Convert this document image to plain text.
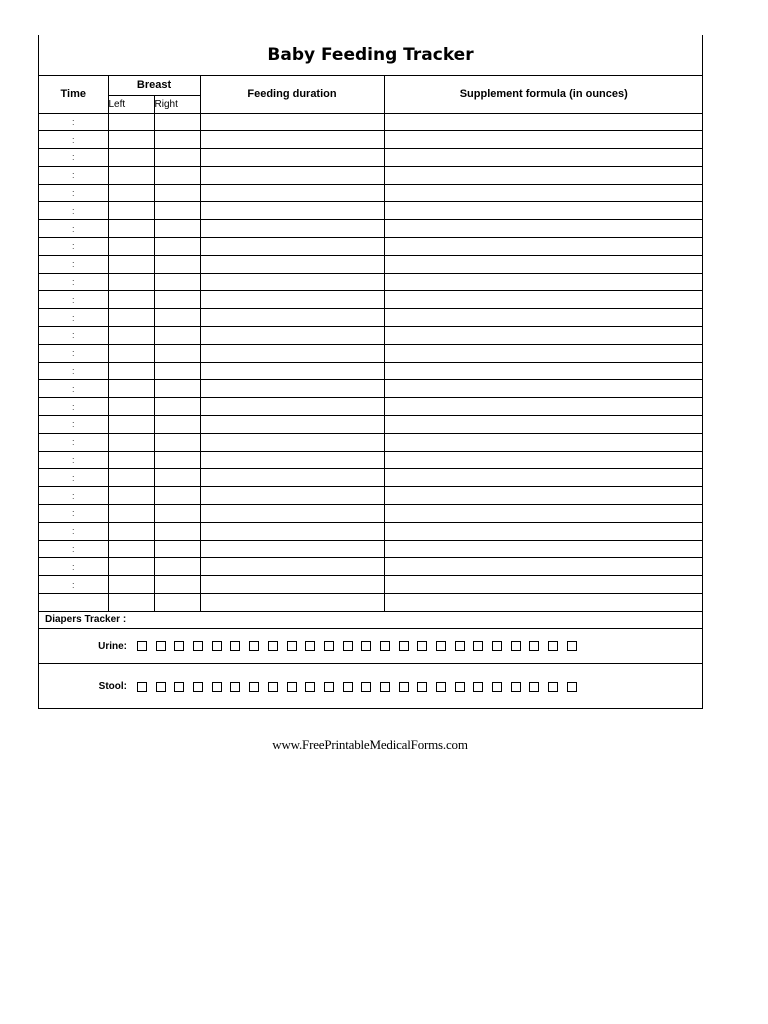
Baby Feeding Tracker
Time	Breast		Feeding duration	Supplement formula (in ounces)
	Left	Right		
:				
:				
:				
:				
:				
:				
:				
:				
:				
:				
:				
:				
:				
:				
:				
:				
:				
:				
:				
:				
:				
:				
:				
:				
:				
:				
:				

Diapers Tracker :
Urine:
Stool:
www.FreePrintableMedicalForms.com
